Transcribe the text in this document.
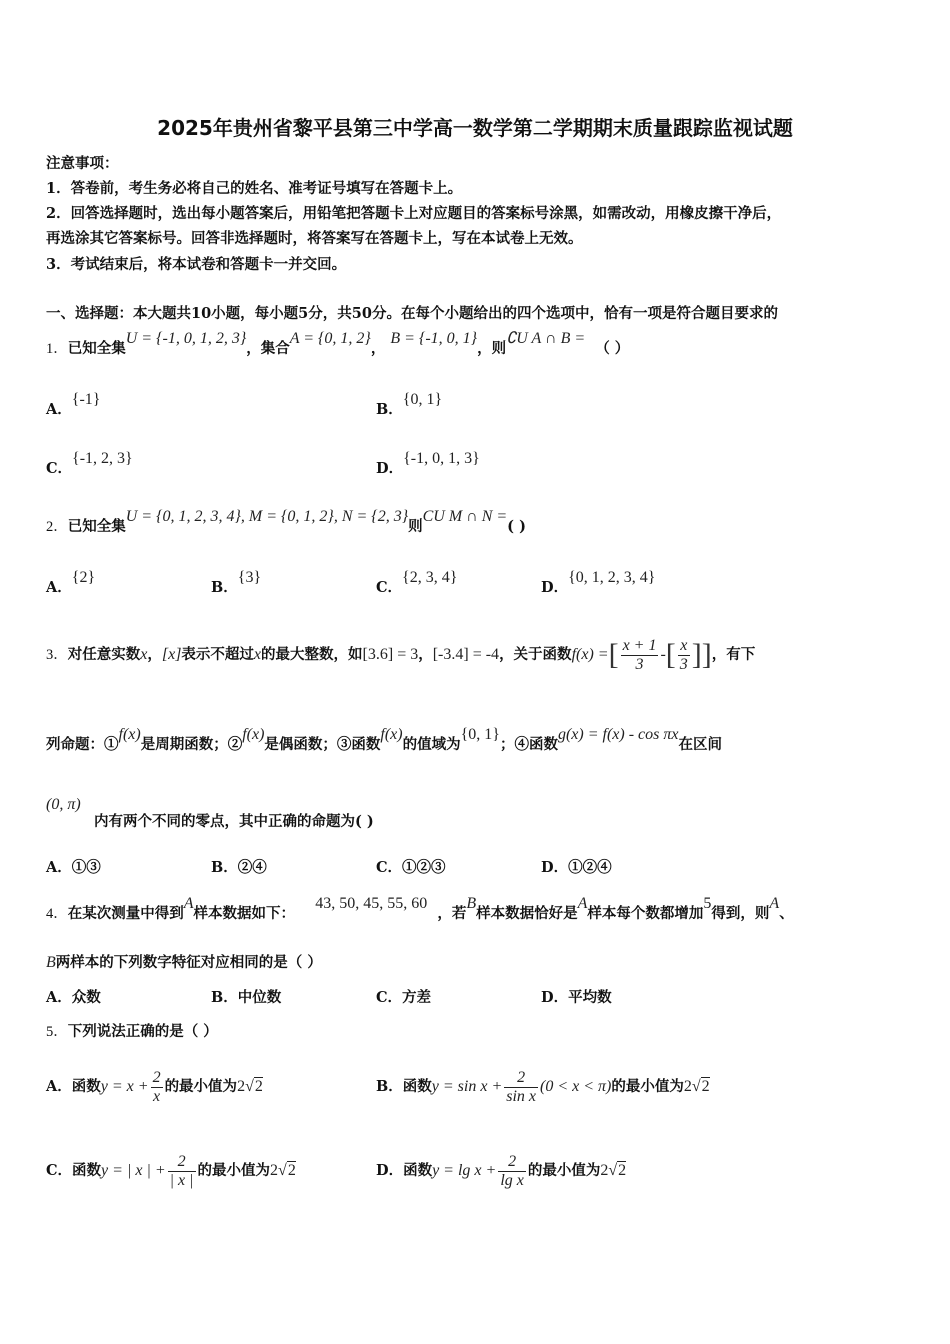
2025年贵州省黎平县第三中学高一数学第二学期期末质量跟踪监视试题
注意事项：
1．答卷前，考生务必将自己的姓名、准考证号填写在答题卡上。
2．回答选择题时，选出每小题答案后，用铅笔把答题卡上对应题目的答案标号涂黑，如需改动，用橡皮擦干净后，
再选涂其它答案标号。回答非选择题时，将答案写在答题卡上，写在本试卷上无效。
3．考试结束后，将本试卷和答题卡一并交回。
一、选择题：本大题共10小题，每小题5分，共50分。在每个小题给出的四个选项中，恰有一项是符合题目要求的
1．已知全集U = {-1, 0, 1, 2, 3}，集合A = {0, 1, 2}， B = {-1, 0, 1}，则∁U A ∩ B =  （ ）
A．{-1}
B．{0, 1}
C．{-1, 2, 3}
D．{-1, 0, 1, 3}
2．已知全集U = {0, 1, 2, 3, 4}, M = {0, 1, 2}, N = {2, 3}则CU M ∩ N =( )
A．{2}
B．{3}
C．{2, 3, 4}
D．{0, 1, 2, 3, 4}
3．对任意实数x，[x]表示不超过x的最大整数，如[3.6] = 3，[-3.4] = -4，关于函数f(x) =[ $\frac{x + 1}{3}$ -[ $\frac{x}{3}$ ]]，有下
列命题：①f(x)是周期函数；②f(x)是偶函数；③函数f(x)的值域为{0, 1}；④函数g(x) = f(x) - cos πx在区间
(0, π)
内有两个不同的零点，其中正确的命题为( )
A．①③	B．②④	C．①②③	D．①②④
4．在某次测量中得到A样本数据如下：    43, 50, 45, 55, 60  ，若B样本数据恰好是A样本每个数都增加5得到，则A、
B两样本的下列数字特征对应相同的是（ ）
A．众数	B．中位数	C．方差	D．平均数
5．下列说法正确的是（ ）
A．函数$y = x + \frac{2}{x}$ 的最小值为2√2	B．函数$y = \sin x + \frac{2}{\text{sin x}} (0 < x < \pi)$的最小值为2√2
C．函数y = | x | + $\frac{2}{| x |}$ 的最小值为2√2	D．函数$y = \lg x + \frac{2}{\text{lg x}}$ 的最小值为2√2
